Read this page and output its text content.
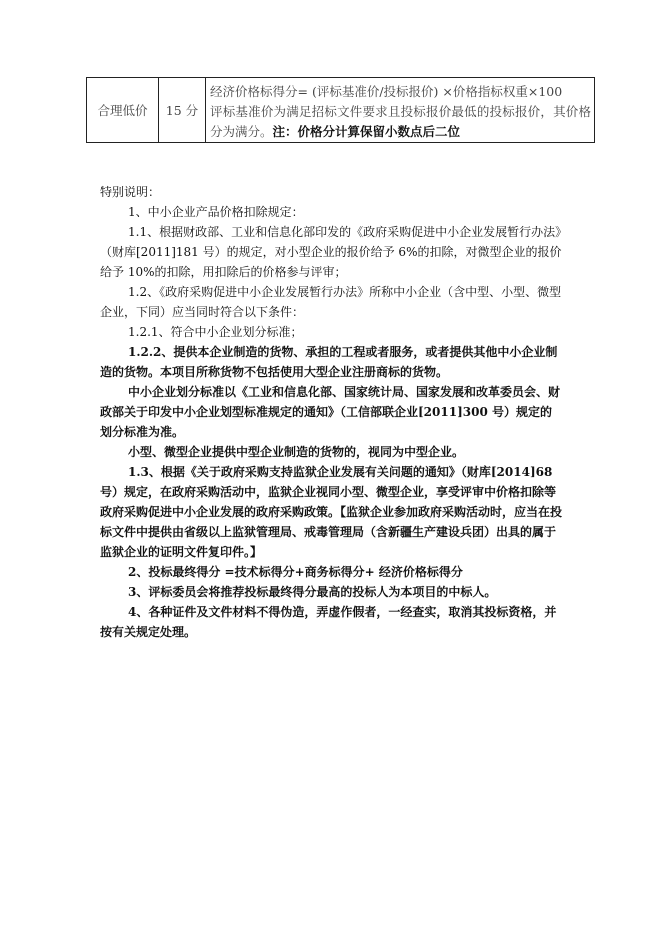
合理低价	15 分	经济价格标得分= (评标基准价/投标报价) ×价格指标权重×100
评标基准价为满足招标文件要求且投标报价最低的投标报价，其价格分为满分。注：价格分计算保留小数点后二位

特别说明：

1、中小企业产品价格扣除规定：

1.1、根据财政部、工业和信息化部印发的《政府采购促进中小企业发展暂行办法》（财库[2011]181 号）的规定，对小型企业的报价给予 6%的扣除，对微型企业的报价给予 10%的扣除，用扣除后的价格参与评审；

1.2、《政府采购促进中小企业发展暂行办法》所称中小企业（含中型、小型、微型企业，下同）应当同时符合以下条件：

1.2.1、符合中小企业划分标准；

1.2.2、提供本企业制造的货物、承担的工程或者服务，或者提供其他中小企业制造的货物。本项目所称货物不包括使用大型企业注册商标的货物。

中小企业划分标准以《工业和信息化部、国家统计局、国家发展和改革委员会、财政部关于印发中小企业划型标准规定的通知》（工信部联企业[2011]300 号）规定的划分标准为准。

小型、微型企业提供中型企业制造的货物的，视同为中型企业。

1.3、根据《关于政府采购支持监狱企业发展有关问题的通知》（财库[2014]68 号）规定，在政府采购活动中，监狱企业视同小型、微型企业，享受评审中价格扣除等政府采购促进中小企业发展的政府采购政策。【监狱企业参加政府采购活动时，应当在投标文件中提供由省级以上监狱管理局、戒毒管理局（含新疆生产建设兵团）出具的属于监狱企业的证明文件复印件。】

2、投标最终得分 =技术标得分+商务标得分+ 经济价格标得分

3、评标委员会将推荐投标最终得分最高的投标人为本项目的中标人。

4、各种证件及文件材料不得伪造，弄虚作假者，一经查实，取消其投标资格，并按有关规定处理。
